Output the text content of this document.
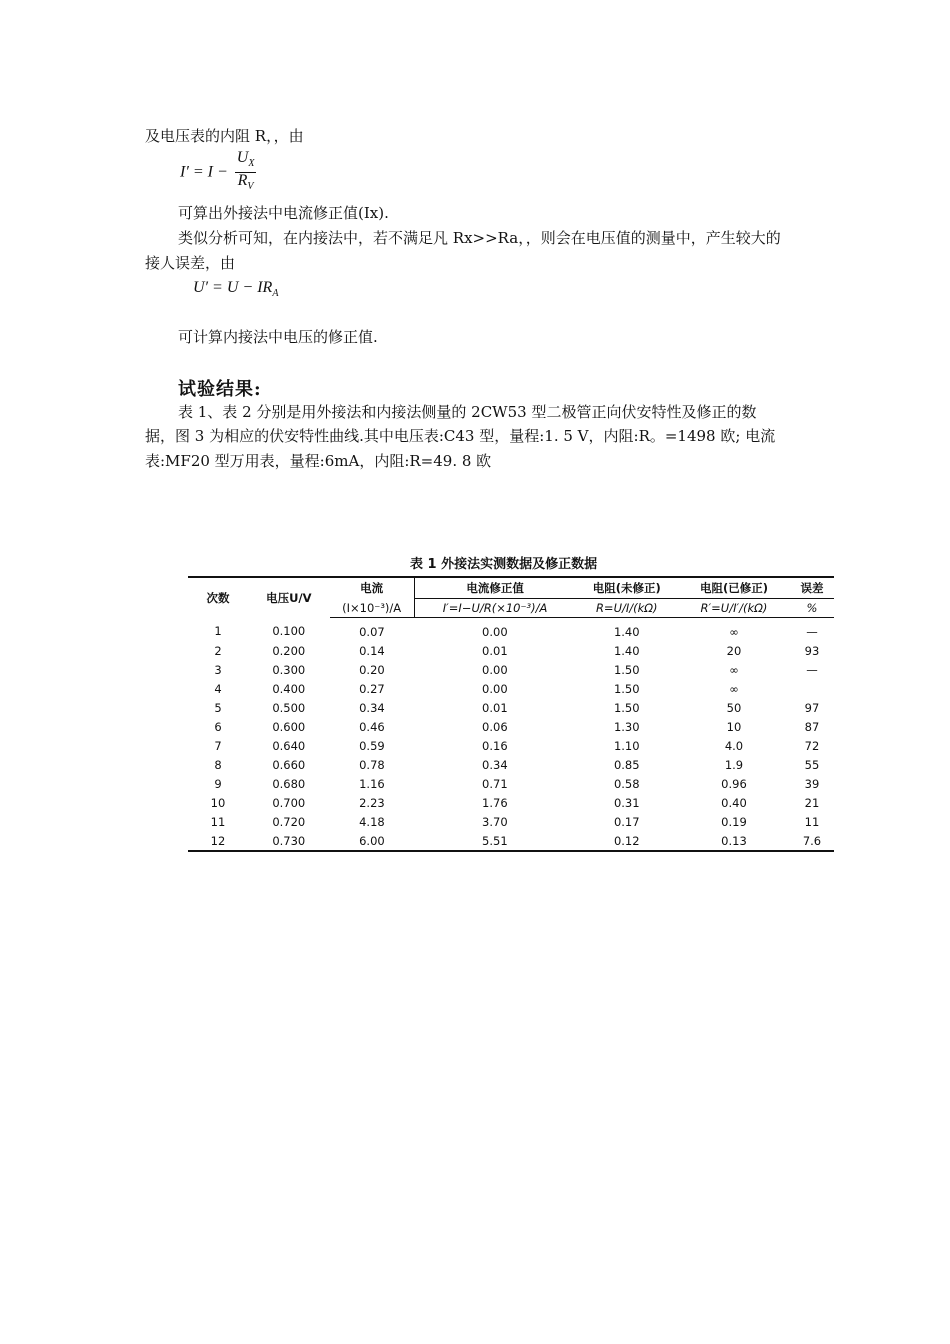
及电压表的内阻 R，，由
$I' = I - \frac{U_X}{R_V}$
可算出外接法中电流修正值(Ix).
类似分析可知，在内接法中，若不满足凡 Rx>>Ra，，则会在电压值的测量中，产生较大的
接人误差，由
$U' = U - IR_A$
可计算内接法中电压的修正值.
试验结果:
表 1、表 2 分别是用外接法和内接法侧量的 2CW53 型二极管正向伏安特性及修正的数
据，图 3 为相应的伏安特性曲线.其中电压表:C43 型，量程:1. 5 V，内阻:R。=1498 欧; 电流
表:MF20 型万用表，量程:6mA，内阻:R=49. 8 欧
表 1 外接法实测数据及修正数据
次数	电压U/V	电流	电流修正值	电阻(未修正)	电阻(已修正)	误差
		(I×10⁻³)/A	I′=I−U/R(×10⁻³)/A	R=U/I/(kΩ)	R′=U/I′/(kΩ)	%
1	0.100	0.07	0.00	1.40	∞	—
2	0.200	0.14	0.01	1.40	20	93
3	0.300	0.20	0.00	1.50	∞	—
4	0.400	0.27	0.00	1.50	∞	
5	0.500	0.34	0.01	1.50	50	97
6	0.600	0.46	0.06	1.30	10	87
7	0.640	0.59	0.16	1.10	4.0	72
8	0.660	0.78	0.34	0.85	1.9	55
9	0.680	1.16	0.71	0.58	0.96	39
10	0.700	2.23	1.76	0.31	0.40	21
11	0.720	4.18	3.70	0.17	0.19	11
12	0.730	6.00	5.51	0.12	0.13	7.6
